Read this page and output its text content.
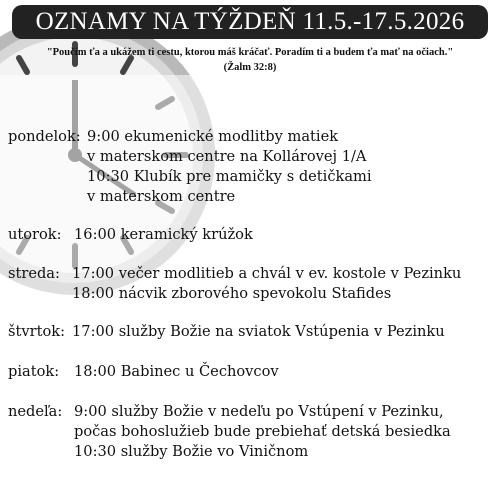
OZNAMY NA TÝŽDEŇ 11.5.-17.5.2026
"Poučím ťa a ukážem ti cestu, ktorou máš kráčať. Poradím ti a budem ťa mať na očiach."
(Žalm 32:8)
pondelok: 9:00 ekumenické modlitby matiek
v materskom centre na Kollárovej 1/A
10:30 Klubík pre mamičky s detičkami
v materskom centre
utorok: 16:00 keramický krúžok
streda: 17:00 večer modlitieb a chvál v ev. kostole v Pezinku
18:00 nácvik zborového spevokolu Stafides
štvrtok: 17:00 služby Božie na sviatok Vstúpenia v Pezinku
piatok: 18:00 Babinec u Čechovcov
nedeľa: 9:00 služby Božie v nedeľu po Vstúpení v Pezinku,
počas bohoslužieb bude prebiehať detská besiedka
10:30 služby Božie vo Viničnom
